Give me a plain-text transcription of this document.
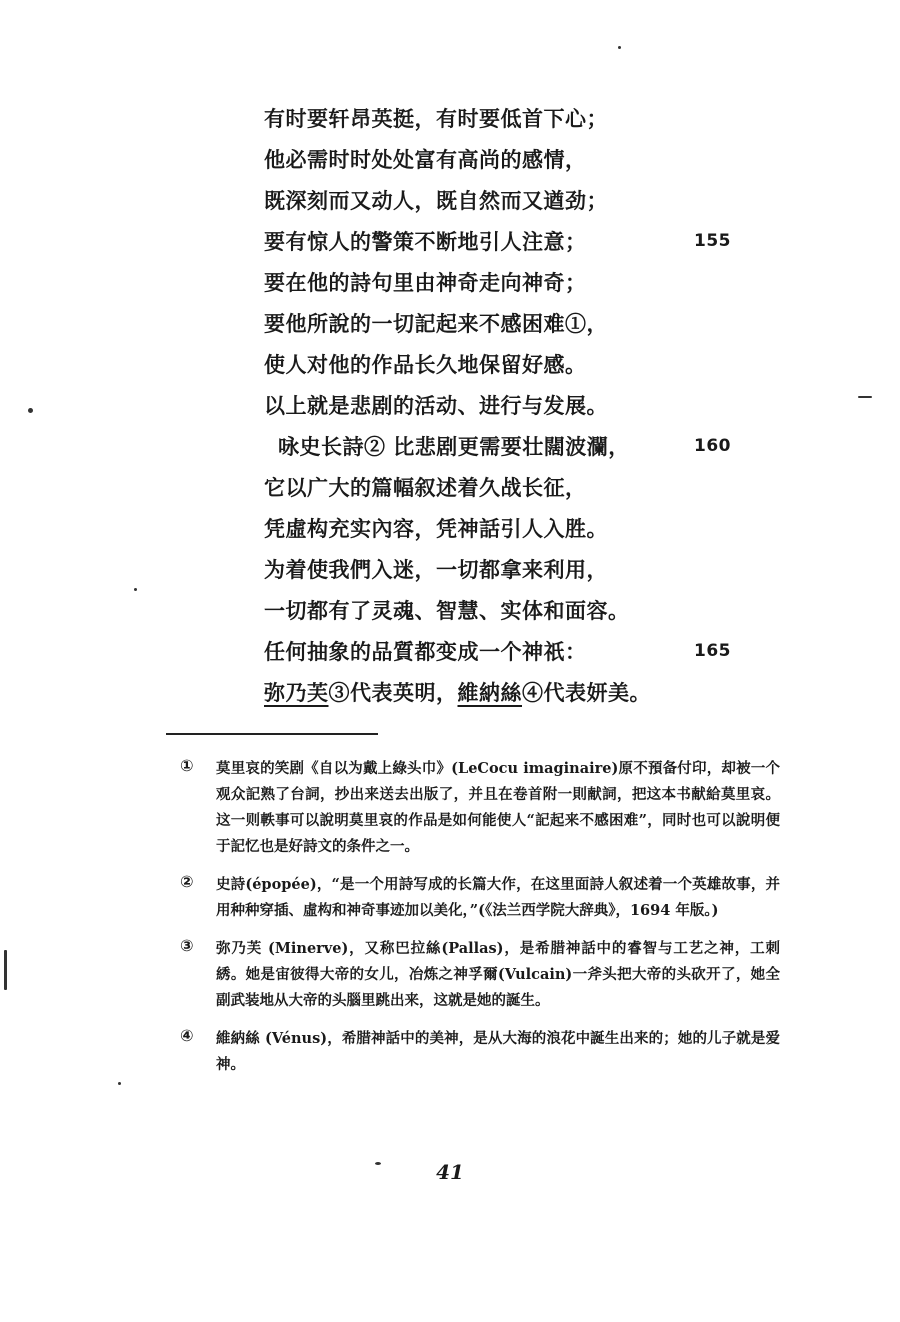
有时要轩昂英挺，有时要低首下心；
他必需时时处处富有高尚的感情，
既深刻而又动人，既自然而又遒劲；
要有惊人的警策不断地引人注意；	155
要在他的詩句里由神奇走向神奇；
要他所說的一切記起来不感困难①，
使人对他的作品长久地保留好感。
以上就是悲剧的活动、进行与发展。
咏史长詩② 比悲剧更需要壮闊波瀾，	160
它以广大的篇幅叙述着久战长征，
凭虛构充实內容，凭神話引人入胜。
为着使我們入迷，一切都拿来利用，
一切都有了灵魂、智慧、实体和面容。
任何抽象的品質都变成一个神祇：	165
弥乃芙③代表英明，維納絲④代表妍美。
① 莫里哀的笑剧《自以为戴上綠头巾》(LeCocu imaginaire)原不預备付印，却被一个观众記熟了台詞，抄出来送去出版了，并且在卷首附一則献詞，把这本书献給莫里哀。这一则軼事可以說明莫里哀的作品是如何能使人“記起来不感困难”，同时也可以說明便于記忆也是好詩文的条件之一。
② 史詩(épopée)，“是一个用詩写成的长篇大作，在这里面詩人叙述着一个英雄故事，并用种种穿插、虛构和神奇事迹加以美化，”(《法兰西学院大辞典》，1694 年版。)
③ 弥乃芙 (Minerve)，又称巴拉絲(Pallas)，是希腊神話中的睿智与工艺之神，工刺綉。她是宙彼得大帝的女儿，冶炼之神孚爾(Vulcain)一斧头把大帝的头砍开了，她全副武装地从大帝的头腦里跳出来，这就是她的誕生。
④ 維納絲 (Vénus)，希腊神話中的美神，是从大海的浪花中誕生出来的；她的儿子就是爱神。
41
